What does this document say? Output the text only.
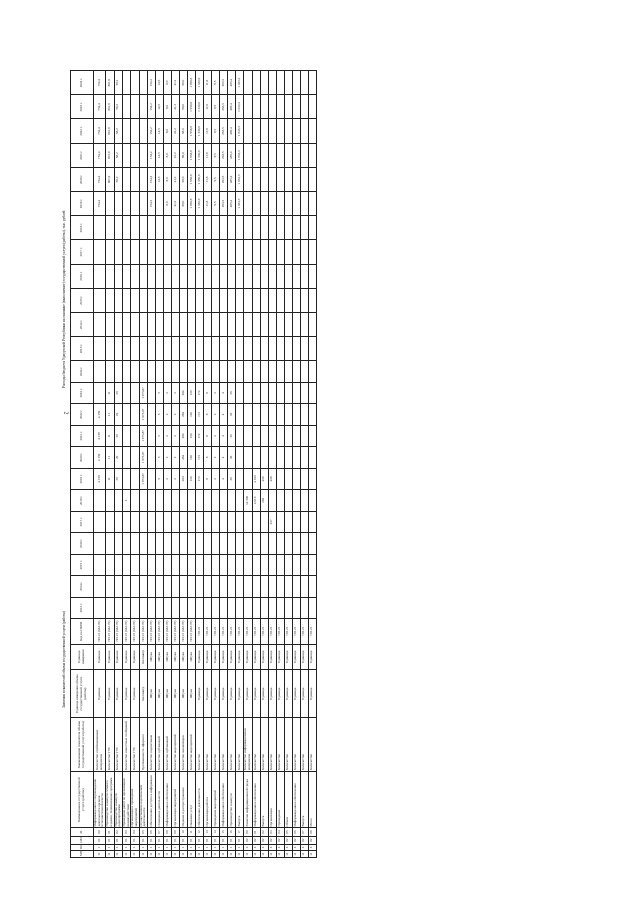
2
Значения показателей объема государственной услуги (работы)
Расходы бюджета Удмуртской Республики на оказание (выполнение) государственной услуги (работы), тыс. рублей
МП	Пп	ОМ	М	Наименование государственной услуги (работы)	Наименование показателя объема государственной услуги (работы)	Единица измерения объема государственной услуги (работы)	Единица измерения	Код по ОКЕИ	2013 г.	2014 г.	2015 г.	2016 г.	2017 г.	2018 г.	2019 г.	2020 г.	2021 г.	2022 г.	2023 г.	2024 г.	2013 г.	2014 г.	2015 г.	2016 г.	2017 г.	2018 г.	2019 г.	2020 г.	2021 г.	2022 г.	2023 г.	2024 г.
11	1	01	00	Информационное сопровождение деятельности органов исполнительной власти	Количество опубликованных материалов	Единица	Единица	745.21 (642.70)							4 159	4 159	4 159	4 159									754,4	754,4	754,4	754,4	754,4	754,4
11	1	01	01	Производство и выпуск сетевого издания, телевизионных программ	Количество ГТС	Единица	Единица	745.21 (642.70)							11	11	11	11	11									801,9	801,9	801,9	801,9	801,9
11	1	01	02	Производство и выпуск радиопрограмм	Количество ГТС	Единица	Единица	745.21 (642.70)							29	29	29	29	29									58,2	58,2	58,2	58,2	58,2
11	1	01	03	Проведение работ по организации взаимодействия	Количество новостных сообщений	Единица	Единица	745.21 (642.70)						2																		
11	1	01	04	Организация и проведение мероприятий	Количество ГТС	Единица	Единица	745.21 (642.70)																								
11	1	01	05	Осуществление издательской деятельности	Протяженность эфирного	Километр	Километр	745.21 (642.70)							1 975,87	1 975,87	1 975,87	1 975,87	1 975,87													
11	1	01	06	Обеспечение доступа к информации	Количество подписчиков	Штука	Штука	745.21 (642.70)																			154,2	154,2	154,2	154,2	154,2	154,2
11	1	01	07	Освещение деятельности	Количество публикаций	Штука	Штука	745.21 (642.70)							5	5	5	5	5									14,5	14,5	14,5	14,5	14,5
11	1	01	08	Информационное обеспечение	Количество публикаций	Штука	Штука	745.21 (642.70)							2	2	2	2	2								8,0	8,0	8,0	8,0	8,0	8,0
11	1	01	09	Организация мероприятий	Количество мероприятий	Штука	Штука	745.21 (642.70)							2	2	2	2	2								41,2	41,2	41,2	41,2	41,2	41,2
11	1	01	10	Издание и распространение	Количество экземпляров	Штука	Штука	745.21 (642.70)							284	284	284	284	284								98,0	98,0	98,0	98,0	98,0	98,0
11	1	01	11	Оказание услуг	Количество мероприятий	Штука	Штука	745.21 (642.70)							120	120	120	120	120								1 958,8	1 958,8	1 958,8	1 958,8	1 958,8	1 958,8
11	1	01	12	Обеспечение деятельности	Количество	Единица	Единица	745.21							172	172	172	172	172								1 330,6	1 330,6	1 330,6	1 330,6	1 330,6	1 330,6
11	1	01	13	Организация работы	Количество	Единица	Единица	745.21							8	8	8	8	8								11,8	11,8	11,8	11,8	11,8	11,8
11	1	01	14	Проведение мероприятий	Количество	Единица	Единица	745.21							2	2	2	2	2								9,5	9,5	9,5	9,5	9,5	9,5
11	1	01	15	Информационное обеспечение	Количество	Единица	Единица	745.21							4	4	4	4	4								263,5	263,5	263,5	263,5	263,5	263,5
11	1	01	16	Производство и выпуск	Количество	Единица	Единица	745.21							36	36	36	36	36								485,4	485,4	485,4	485,4	485,4	485,4
11	1	01	17	Выпуск	Количество	Единица	Единица	745.21																			1 033,3	1 033,3	1 033,3	1 033,3	1 033,3	1 033,3
11	2	02	00	Развитие информационной среды	Количество информационных материалов	Единица	Единица	745.21						14 500																		
11	2	02	01	Информационное обеспечение	Количество	Единица	Единица	745.21						4 616	4 616																	
11	2	02	02	Выпуск	Количество	Единица	Единица	745.21						282	430																	
11	2	02	03	Организация	Количество	Единица	Единица	745.21					237		438																	
11	2	02	04	Проведение	Количество	Единица	Единица	745.21																								
11	2	02	05	Объем	Количество	Единица	Единица	745.21																								
11	2	02	06	Информационное обеспечение	Количество	Единица	Единица	745.21																								
11	2	02	07	Выпуск	Количество	Единица	Единица	745.21																								
11	2	02	08	Итого	Количество	Единица	Единица	745.21																								
